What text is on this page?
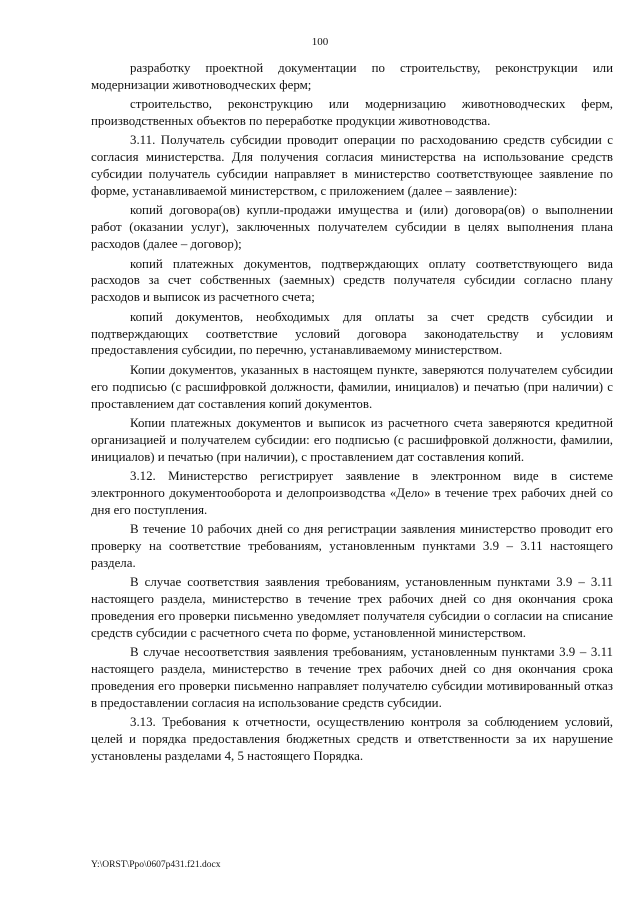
100

разработку проектной документации по строительству, реконструкции или модернизации животноводческих ферм;

строительство, реконструкцию или модернизацию животноводческих ферм, производственных объектов по переработке продукции животноводства.

3.11. Получатель субсидии проводит операции по расходованию средств субсидии с согласия министерства. Для получения согласия министерства на использование средств субсидии получатель субсидии направляет в министерство соответствующее заявление по форме, устанавливаемой министерством, с приложением (далее – заявление):

копий договора(ов) купли-продажи имущества и (или) договора(ов) о выполнении работ (оказании услуг), заключенных получателем субсидии в целях выполнения плана расходов (далее – договор);

копий платежных документов, подтверждающих оплату соответствующего вида расходов за счет собственных (заемных) средств получателя субсидии согласно плану расходов и выписок из расчетного счета;

копий документов, необходимых для оплаты за счет средств субсидии и подтверждающих соответствие условий договора законодательству и условиям предоставления субсидии, по перечню, устанавливаемому министерством.

Копии документов, указанных в настоящем пункте, заверяются получателем субсидии его подписью (с расшифровкой должности, фамилии, инициалов) и печатью (при наличии) с проставлением дат составления копий документов.

Копии платежных документов и выписок из расчетного счета заверяются кредитной организацией и получателем субсидии: его подписью (с расшифровкой должности, фамилии, инициалов) и печатью (при наличии), с проставлением дат составления копий.

3.12. Министерство регистрирует заявление в электронном виде в системе электронного документооборота и делопроизводства «Дело» в течение трех рабочих дней со дня его поступления.

В течение 10 рабочих дней со дня регистрации заявления министерство проводит его проверку на соответствие требованиям, установленным пунктами 3.9 – 3.11 настоящего раздела.

В случае соответствия заявления требованиям, установленным пунктами 3.9 – 3.11 настоящего раздела, министерство в течение трех рабочих дней со дня окончания срока проведения его проверки письменно уведомляет получателя субсидии о согласии на списание средств субсидии с расчетного счета по форме, установленной министерством.

В случае несоответствия заявления требованиям, установленным пунктами 3.9 – 3.11 настоящего раздела, министерство в течение трех рабочих дней со дня окончания срока проведения его проверки письменно направляет получателю субсидии мотивированный отказ в предоставлении согласия на использование средств субсидии.

3.13. Требования к отчетности, осуществлению контроля за соблюдением условий, целей и порядка предоставления бюджетных средств и ответственности за их нарушение установлены разделами 4, 5 настоящего Порядка.

Y:\ORST\Ppo\0607p431.f21.docx
